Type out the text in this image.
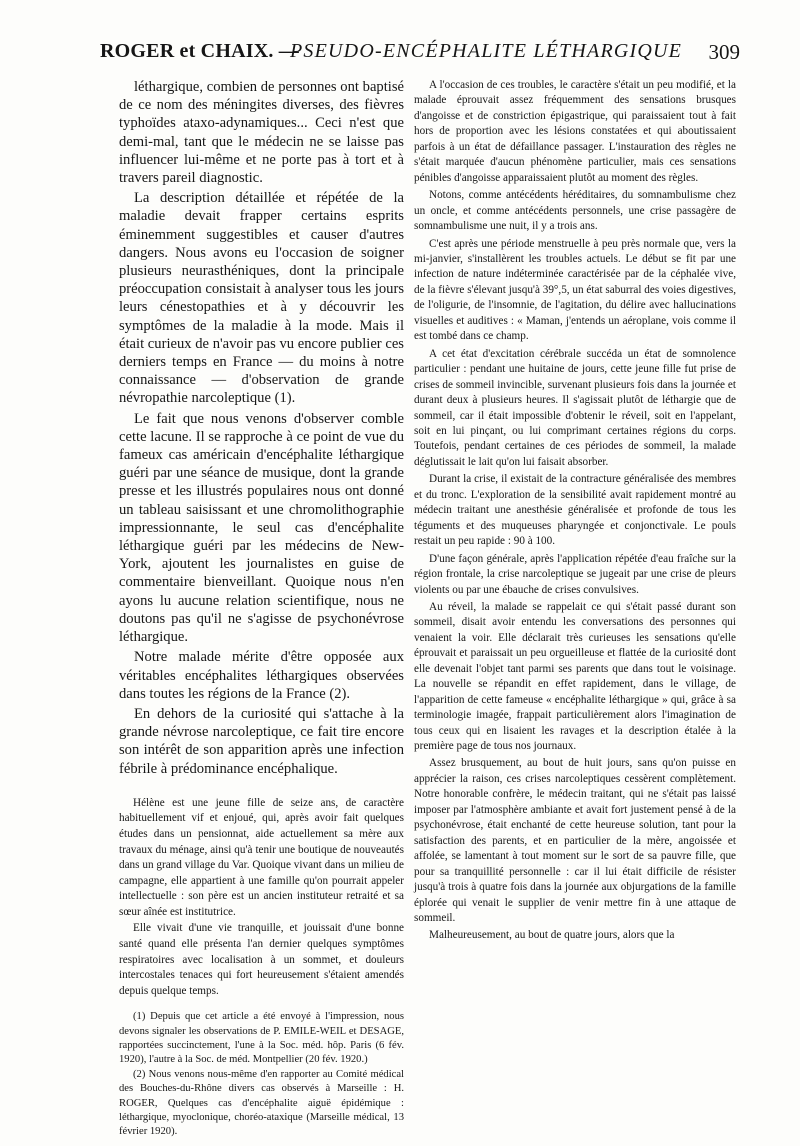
ROGER et CHAIX. —
PSEUDO-ENCÉPHALITE LÉTHARGIQUE 309

léthargique, combien de personnes ont baptisé de ce nom des méningites diverses, des fièvres typhoïdes ataxo-adynamiques... Ceci n'est que demi-mal, tant que le médecin ne se laisse pas influencer lui-même et ne porte pas à tort et à travers pareil diagnostic.

La description détaillée et répétée de la maladie devait frapper certains esprits éminemment suggestibles et causer d'autres dangers. Nous avons eu l'occasion de soigner plusieurs neurasthéniques, dont la principale préoccupation consistait à analyser tous les jours leurs cénestopathies et à y découvrir les symptômes de la maladie à la mode. Mais il était curieux de n'avoir pas vu encore publier ces derniers temps en France — du moins à notre connaissance — d'observation de grande névropathie narcoleptique (1).

Le fait que nous venons d'observer comble cette lacune. Il se rapproche à ce point de vue du fameux cas américain d'encéphalite léthargique guéri par une séance de musique, dont la grande presse et les illustrés populaires nous ont donné un tableau saisissant et une chromolithographie impressionnante, le seul cas d'encéphalite léthargique guéri par les médecins de New-York, ajoutent les journalistes en guise de commentaire bienveillant. Quoique nous n'en ayons lu aucune relation scientifique, nous ne doutons pas qu'il ne s'agisse de psychonévrose léthargique.

Notre malade mérite d'être opposée aux véritables encéphalites léthargiques observées dans toutes les régions de la France (2).

En dehors de la curiosité qui s'attache à la grande névrose narcoleptique, ce fait tire encore son intérêt de son apparition après une infection fébrile à prédominance encéphalique.

Hélène est une jeune fille de seize ans, de caractère habituellement vif et enjoué, qui, après avoir fait quelques études dans un pensionnat, aide actuellement sa mère aux travaux du ménage, ainsi qu'à tenir une boutique de nouveautés dans un grand village du Var. Quoique vivant dans un milieu de campagne, elle appartient à une famille qu'on pourrait appeler intellectuelle : son père est un ancien instituteur retraité et sa sœur aînée est institutrice.

Elle vivait d'une vie tranquille, et jouissait d'une bonne santé quand elle présenta l'an dernier quelques symptômes respiratoires avec localisation à un sommet, et douleurs intercostales tenaces qui fort heureusement s'étaient amendés depuis quelque temps.

(1) Depuis que cet article a été envoyé à l'impression, nous devons signaler les observations de P. EMILE-WEIL et DESAGE, rapportées succinctement, l'une à la Soc. méd. hôp. Paris (6 fév. 1920), l'autre à la Soc. de méd. Montpellier (20 fév. 1920.)

(2) Nous venons nous-même d'en rapporter au Comité médical des Bouches-du-Rhône divers cas observés à Marseille : H. ROGER, Quelques cas d'encéphalite aiguë épidémique : léthargique, myoclonique, choréo-ataxique (Marseille médical, 13 février 1920).

A l'occasion de ces troubles, le caractère s'était un peu modifié, et la malade éprouvait assez fréquemment des sensations brusques d'angoisse et de constriction épigastrique, qui paraissaient tout à fait hors de proportion avec les lésions constatées et qui aboutissaient parfois à un état de défaillance passager. L'instauration des règles ne s'était marquée d'aucun phénomène particulier, mais ces sensations pénibles d'angoisse apparaissaient plutôt au moment des règles.

Notons, comme antécédents héréditaires, du somnambulisme chez un oncle, et comme antécédents personnels, une crise passagère de somnambulisme une nuit, il y a trois ans.

C'est après une période menstruelle à peu près normale que, vers la mi-janvier, s'installèrent les troubles actuels. Le début se fit par une infection de nature indéterminée caractérisée par de la céphalée vive, de la fièvre s'élevant jusqu'à 39°,5, un état saburral des voies digestives, de l'oligurie, de l'insomnie, de l'agitation, du délire avec hallucinations visuelles et auditives : « Maman, j'entends un aéroplane, vois comme il est tombé dans ce champ.

A cet état d'excitation cérébrale succéda un état de somnolence particulier : pendant une huitaine de jours, cette jeune fille fut prise de crises de sommeil invincible, survenant plusieurs fois dans la journée et durant deux à plusieurs heures. Il s'agissait plutôt de léthargie que de sommeil, car il était impossible d'obtenir le réveil, soit en l'appelant, soit en lui pinçant, ou lui comprimant certaines régions du corps. Toutefois, pendant certaines de ces périodes de sommeil, la malade déglutissait le lait qu'on lui faisait absorber.

Durant la crise, il existait de la contracture généralisée des membres et du tronc. L'exploration de la sensibilité avait rapidement montré au médecin traitant une anesthésie généralisée et profonde de tous les téguments et des muqueuses pharyngée et conjonctivale. Le pouls restait un peu rapide : 90 à 100.

D'une façon générale, après l'application répétée d'eau fraîche sur la région frontale, la crise narcoleptique se jugeait par une crise de pleurs violents ou par une ébauche de crises convulsives.

Au réveil, la malade se rappelait ce qui s'était passé durant son sommeil, disait avoir entendu les conversations des personnes qui venaient la voir. Elle déclarait très curieuses les sensations qu'elle éprouvait et paraissait un peu orgueilleuse et flattée de la curiosité dont elle devenait l'objet tant parmi ses parents que dans tout le voisinage. La nouvelle se répandit en effet rapidement, dans le village, de l'apparition de cette fameuse « encéphalite léthargique » qui, grâce à sa terminologie imagée, frappait particulièrement alors l'imagination de tous ceux qui en lisaient les ravages et la description étalée à la première page de tous nos journaux.

Assez brusquement, au bout de huit jours, sans qu'on puisse en apprécier la raison, ces crises narcoleptiques cessèrent complètement. Notre honorable confrère, le médecin traitant, qui ne s'était pas laissé imposer par l'atmosphère ambiante et avait fort justement pensé à de la psychonévrose, était enchanté de cette heureuse solution, tant pour la satisfaction des parents, et en particulier de la mère, angoissée et affolée, se lamentant à tout moment sur le sort de sa pauvre fille, que pour sa tranquillité personnelle : car il lui était difficile de résister jusqu'à trois à quatre fois dans la journée aux objurgations de la famille éplorée qui venait le supplier de venir mettre fin à une attaque de sommeil.

Malheureusement, au bout de quatre jours, alors que la
